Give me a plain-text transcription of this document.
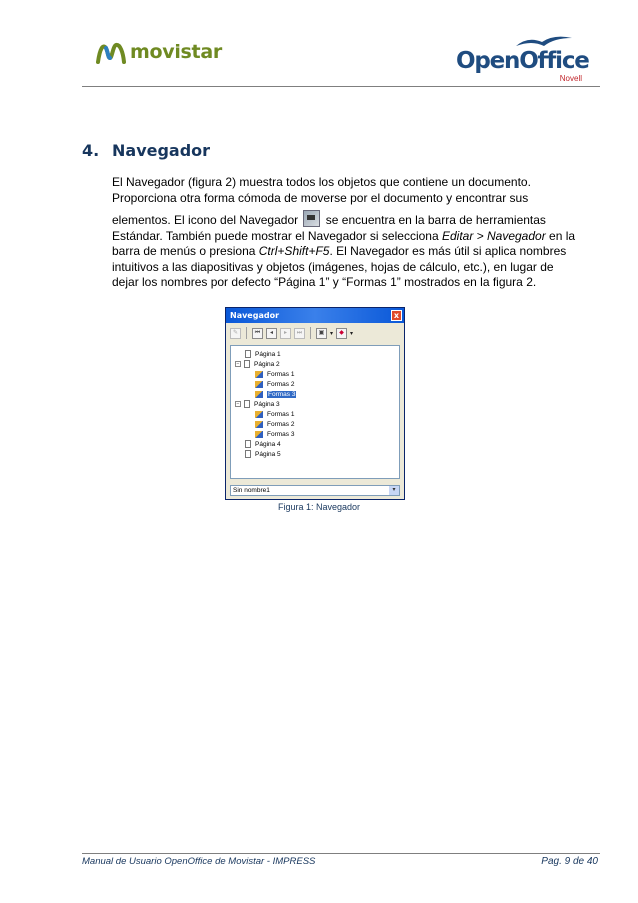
movistar	OpenOffice
Novell
4. Navegador

El Navegador (figura 2) muestra todos los objetos que contiene un documento. Proporciona otra forma cómoda de moverse por el documento y encontrar sus

elementos. El icono del Navegador  se encuentra en la barra de herramientas Estándar. También puede mostrar el Navegador si selecciona Editar > Navegador en la barra de menús o presiona Ctrl+Shift+F5. El Navegador es más útil si aplica nombres intuitivos a las diapositivas y objetos (imágenes, hojas de cálculo, etc.), en lugar de dejar los nombres por defecto “Página 1” y “Formas 1” mostrados en la figura 2.

Navegador	x
✎	⏮	◂	▸	⏭	▣ ▾	◆	▾
Página 1
− Página 2
Formas 1
Formas 2
Formas 3
− Página 3
Formas 1
Formas 2
Formas 3
Página 4
Página 5
Sin nombre1	▾
Figura 1: Navegador
Manual de Usuario OpenOffice de Movistar - IMPRESS	Pag. 9 de 40
